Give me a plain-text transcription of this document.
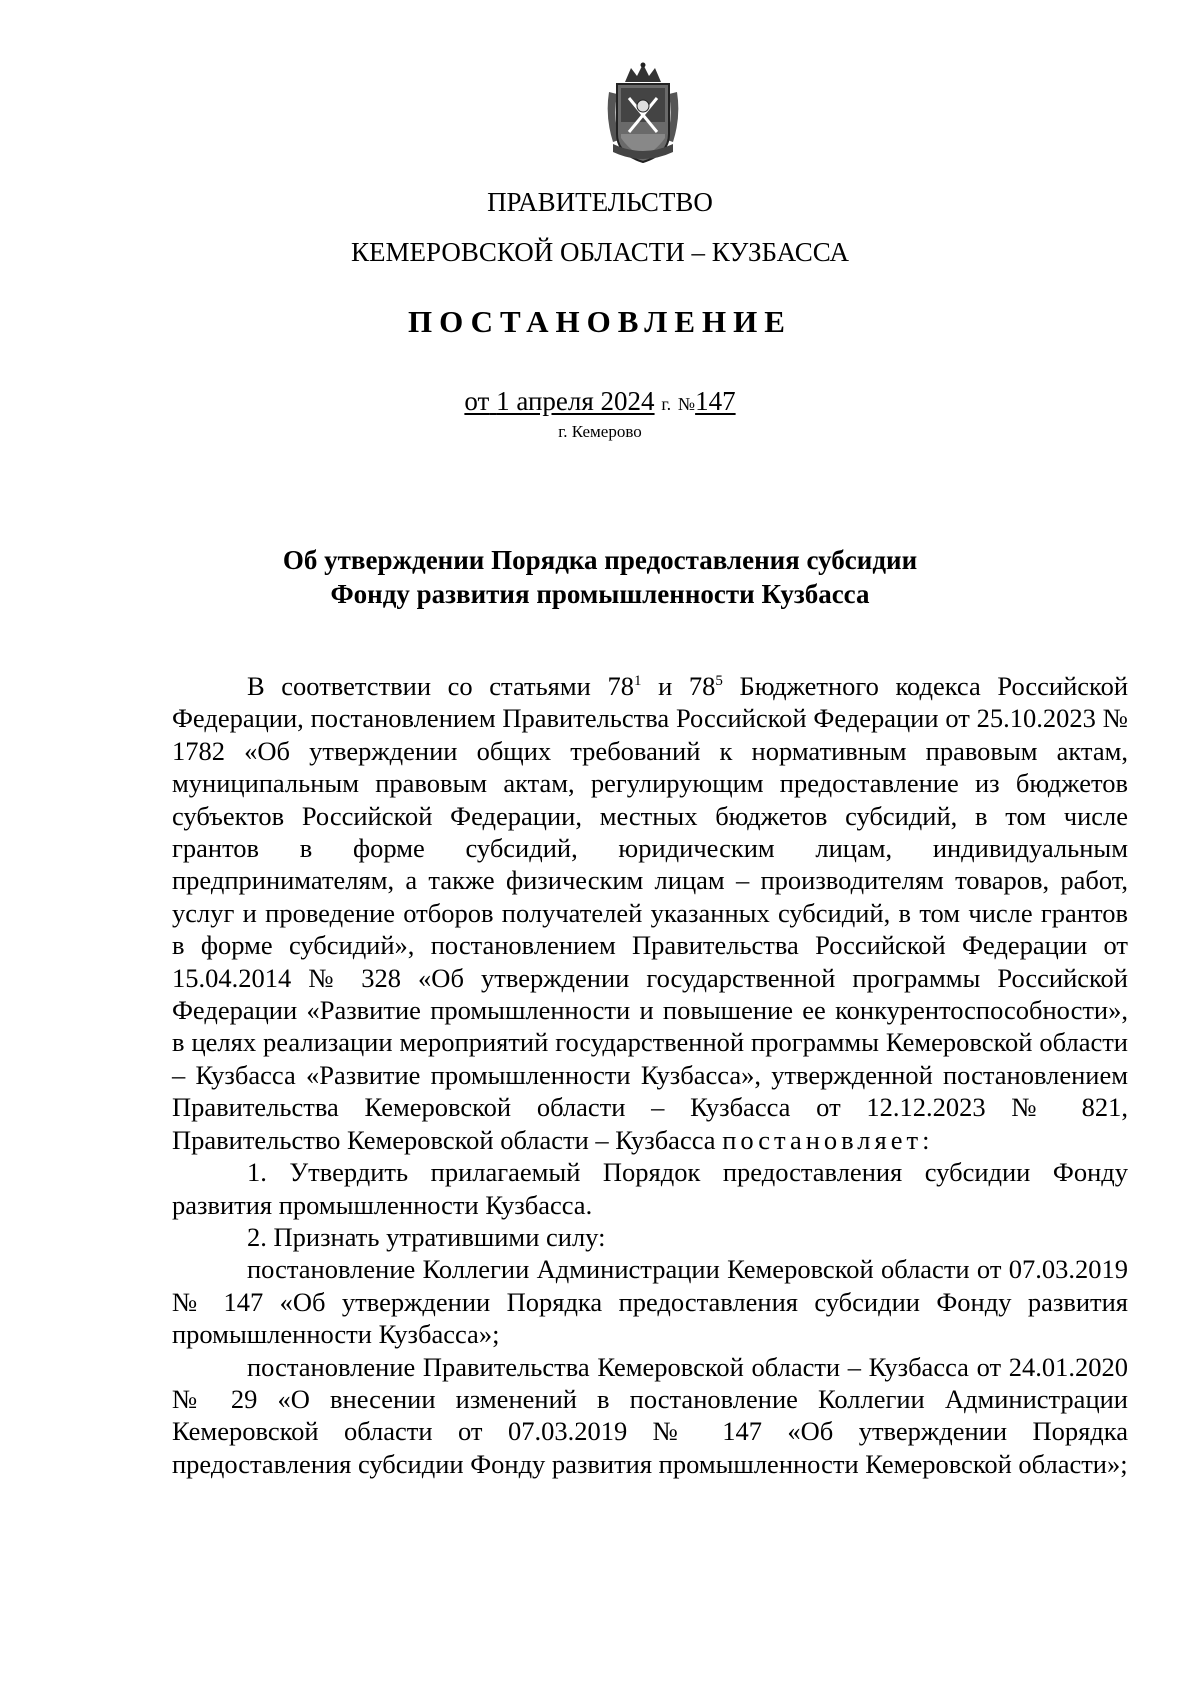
ПРАВИТЕЛЬСТВО
КЕМЕРОВСКОЙ ОБЛАСТИ – КУЗБАССА
ПОСТАНОВЛЕНИЕ
от 1 апреля 2024 г. №147
г. Кемерово
Об утверждении Порядка предоставления субсидии
Фонду развития промышленности Кузбасса

В соответствии со статьями $78^1$ и $78^5$ Бюджетного кодекса Российской Федерации, постановлением Правительства Российской Федерации от 25.10.2023 № 1782 «Об утверждении общих требований к нормативным правовым актам, муниципальным правовым актам, регулирующим предоставление из бюджетов субъектов Российской Федерации, местных бюджетов субсидий, в том числе грантов в форме субсидий, юридическим лицам, индивидуальным предпринимателям, а также физическим лицам – производителям товаров, работ, услуг и проведение отборов получателей указанных субсидий, в том числе грантов в форме субсидий», постановлением Правительства Российской Федерации от 15.04.2014 № 328 «Об утверждении государственной программы Российской Федерации «Развитие промышленности и повышение ее конкурентоспособности», в целях реализации мероприятий государственной программы Кемеровской области – Кузбасса «Развитие промышленности Кузбасса», утвержденной постановлением Правительства Кемеровской области – Кузбасса от 12.12.2023 № 821, Правительство Кемеровской области – Кузбасса постановляет:

1. Утвердить прилагаемый Порядок предоставления субсидии Фонду развития промышленности Кузбасса.

2. Признать утратившими силу:

постановление Коллегии Администрации Кемеровской области от 07.03.2019 № 147 «Об утверждении Порядка предоставления субсидии Фонду развития промышленности Кузбасса»;

постановление Правительства Кемеровской области – Кузбасса от 24.01.2020 № 29 «О внесении изменений в постановление Коллегии Администрации Кемеровской области от 07.03.2019 № 147 «Об утверждении Порядка предоставления субсидии Фонду развития промышленности Кемеровской области»;
